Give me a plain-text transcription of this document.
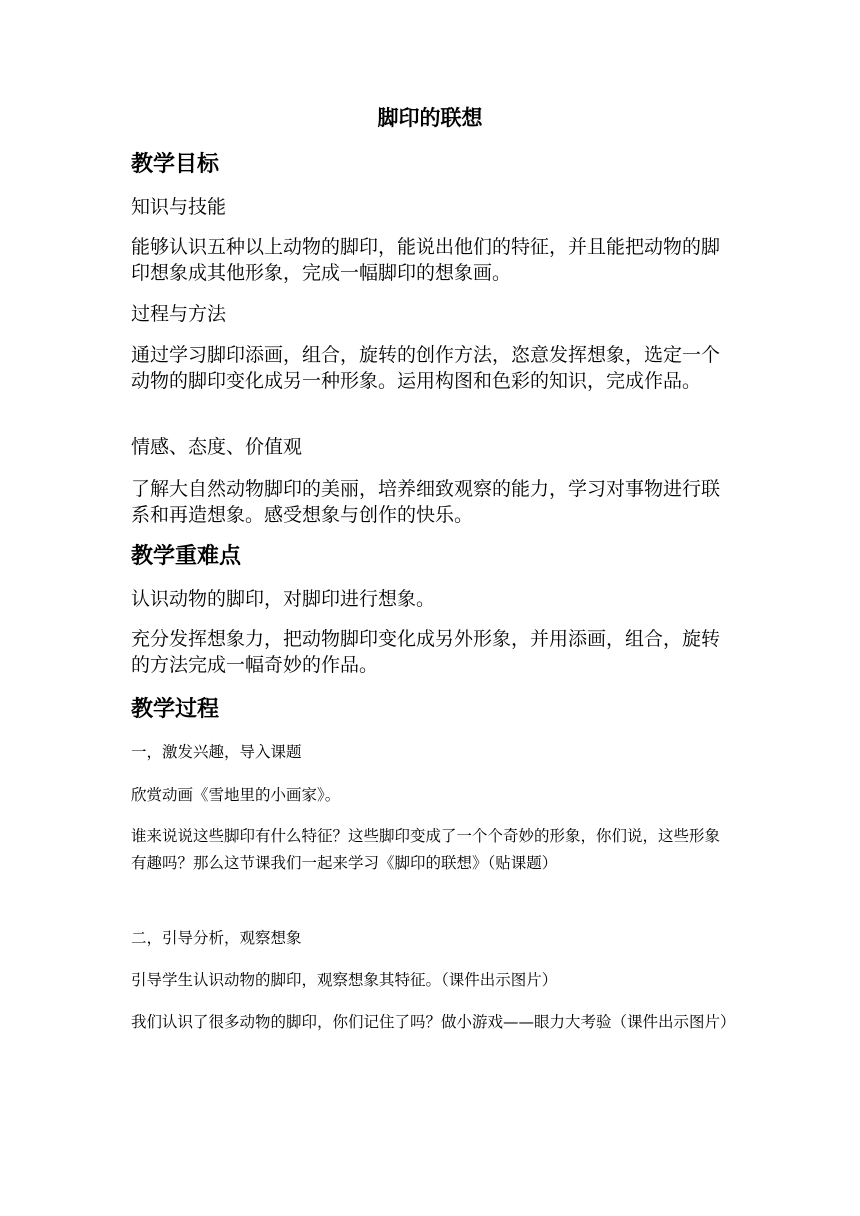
脚印的联想
教学目标
知识与技能
能够认识五种以上动物的脚印，能说出他们的特征，并且能把动物的脚印想象成其他形象，完成一幅脚印的想象画。
过程与方法
通过学习脚印添画，组合，旋转的创作方法，恣意发挥想象，选定一个动物的脚印变化成另一种形象。运用构图和色彩的知识，完成作品。
情感、态度、价值观
了解大自然动物脚印的美丽，培养细致观察的能力，学习对事物进行联系和再造想象。感受想象与创作的快乐。
教学重难点
认识动物的脚印，对脚印进行想象。
充分发挥想象力，把动物脚印变化成另外形象，并用添画，组合，旋转的方法完成一幅奇妙的作品。
教学过程
一，激发兴趣，导入课题
欣赏动画《雪地里的小画家》。
谁来说说这些脚印有什么特征？这些脚印变成了一个个奇妙的形象，你们说，这些形象有趣吗？那么这节课我们一起来学习《脚印的联想》（贴课题）
二，引导分析，观察想象
引导学生认识动物的脚印，观察想象其特征。（课件出示图片）
我们认识了很多动物的脚印，你们记住了吗？做小游戏——眼力大考验（课件出示图片）
